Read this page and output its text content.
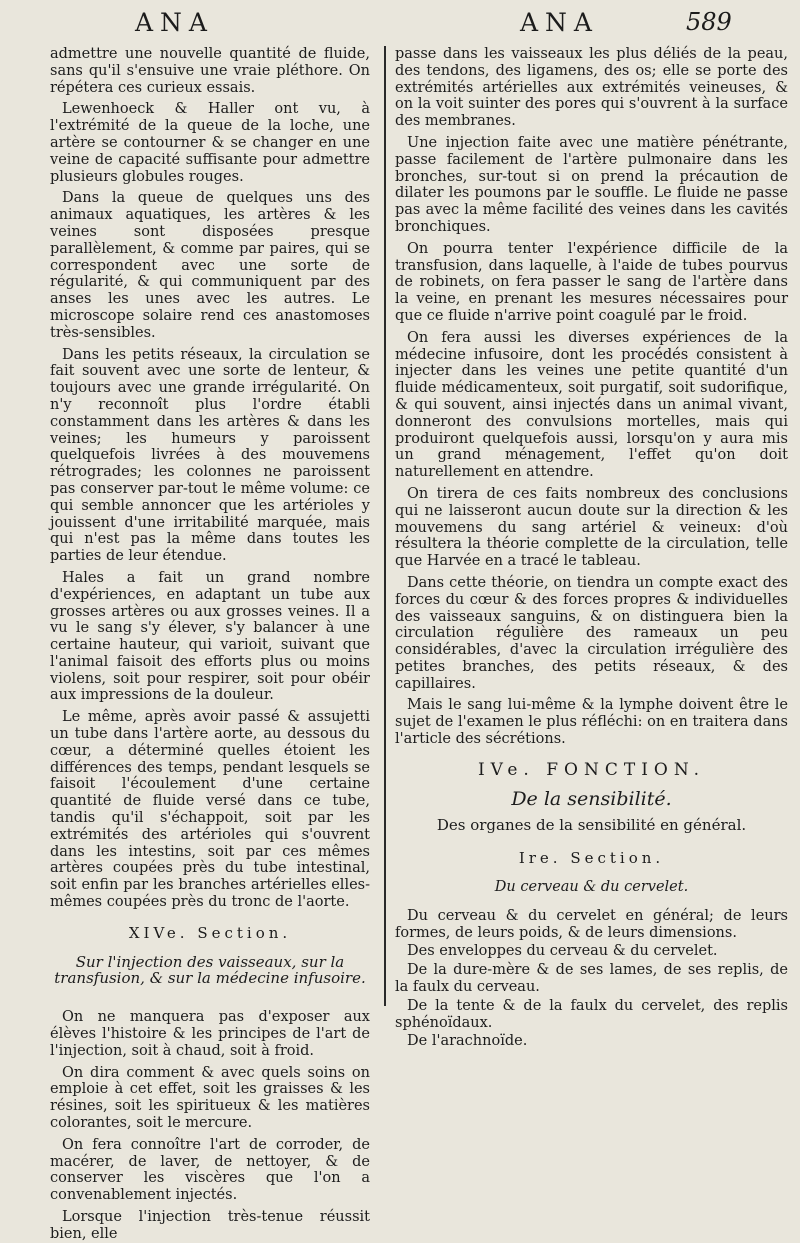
ANA	ANA	589

admettre une nouvelle quantité de fluide, sans qu'il s'ensuive une vraie pléthore. On répétera ces curieux essais.

Lewenhoeck & Haller ont vu, à l'extrémité de la queue de la loche, une artère se contourner & se changer en une veine de capacité suffisante pour admettre plusieurs globules rouges.

Dans la queue de quelques uns des animaux aquatiques, les artères & les veines sont disposées presque parallèlement, & comme par paires, qui se correspondent avec une sorte de régularité, & qui communiquent par des anses les unes avec les autres. Le microscope solaire rend ces anastomoses très-sensibles.

Dans les petits réseaux, la circulation se fait souvent avec une sorte de lenteur, & toujours avec une grande irrégularité. On n'y reconnoît plus l'ordre établi constamment dans les artères & dans les veines; les humeurs y paroissent quelquefois livrées à des mouvemens rétrogrades; les colonnes ne paroissent pas conserver par-tout le même volume: ce qui semble annoncer que les artérioles y jouissent d'une irritabilité marquée, mais qui n'est pas la même dans toutes les parties de leur étendue.

Hales a fait un grand nombre d'expériences, en adaptant un tube aux grosses artères ou aux grosses veines. Il a vu le sang s'y élever, s'y balancer à une certaine hauteur, qui varioit, suivant que l'animal faisoit des efforts plus ou moins violens, soit pour respirer, soit pour obéir aux impressions de la douleur.

Le même, après avoir passé & assujetti un tube dans l'artère aorte, au dessous du cœur, a déterminé quelles étoient les différences des temps, pendant lesquels se faisoit l'écoulement d'une certaine quantité de fluide versé dans ce tube, tandis qu'il s'échappoit, soit par les extrémités des artérioles qui s'ouvrent dans les intestins, soit par ces mêmes artères coupées près du tube intestinal, soit enfin par les branches artérielles elles-mêmes coupées près du tronc de l'aorte.

XIVe. Section.
Sur l'injection des vaisseaux, sur la transfusion, & sur la médecine infusoire.

On ne manquera pas d'exposer aux élèves l'histoire & les principes de l'art de l'injection, soit à chaud, soit à froid.

On dira comment & avec quels soins on emploie à cet effet, soit les graisses & les résines, soit les spiritueux & les matières colorantes, soit le mercure.

On fera connoître l'art de corroder, de macérer, de laver, de nettoyer, & de conserver les viscères que l'on a convenablement injectés.

Lorsque l'injection très-tenue réussit bien, elle

passe dans les vaisseaux les plus déliés de la peau, des tendons, des ligamens, des os; elle se porte des extrémités artérielles aux extrémités veineuses, & on la voit suinter des pores qui s'ouvrent à la surface des membranes.

Une injection faite avec une matière pénétrante, passe facilement de l'artère pulmonaire dans les bronches, sur-tout si on prend la précaution de dilater les poumons par le souffle. Le fluide ne passe pas avec la même facilité des veines dans les cavités bronchiques.

On pourra tenter l'expérience difficile de la transfusion, dans laquelle, à l'aide de tubes pourvus de robinets, on fera passer le sang de l'artère dans la veine, en prenant les mesures nécessaires pour que ce fluide n'arrive point coagulé par le froid.

On fera aussi les diverses expériences de la médecine infusoire, dont les procédés consistent à injecter dans les veines une petite quantité d'un fluide médicamenteux, soit purgatif, soit sudorifique, & qui souvent, ainsi injectés dans un animal vivant, donneront des convulsions mortelles, mais qui produiront quelquefois aussi, lorsqu'on y aura mis un grand ménagement, l'effet qu'on doit naturellement en attendre.

On tirera de ces faits nombreux des conclusions qui ne laisseront aucun doute sur la direction & les mouvemens du sang artériel & veineux: d'où résultera la théorie complette de la circulation, telle que Harvée en a tracé le tableau.

Dans cette théorie, on tiendra un compte exact des forces du cœur & des forces propres & individuelles des vaisseaux sanguins, & on distinguera bien la circulation régulière des rameaux un peu considérables, d'avec la circulation irrégulière des petites branches, des petits réseaux, & des capillaires.

Mais le sang lui-même & la lymphe doivent être le sujet de l'examen le plus réfléchi: on en traitera dans l'article des sécrétions.

IVe. FONCTION.
De la sensibilité.
Des organes de la sensibilité en général.
Ire. Section.
Du cerveau & du cervelet.

Du cerveau & du cervelet en général; de leurs formes, de leurs poids, & de leurs dimensions.

Des enveloppes du cerveau & du cervelet.

De la dure-mère & de ses lames, de ses replis, de la faulx du cerveau.

De la tente & de la faulx du cervelet, des replis sphénoïdaux.

De l'arachnoïde.
